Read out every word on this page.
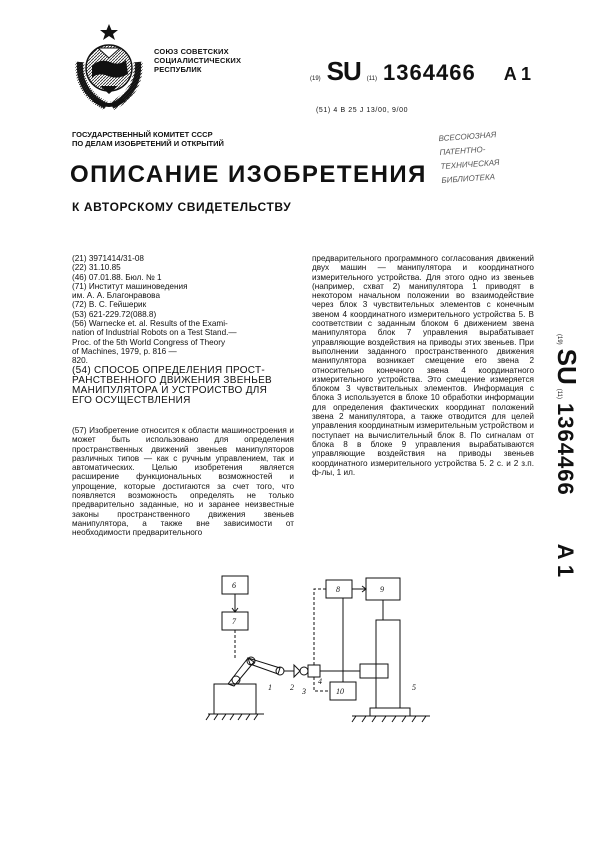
СОЮЗ СОВЕТСКИХ
СОЦИАЛИСТИЧЕСКИХ
РЕСПУБЛИК
(19) SU (11) 1364466 A 1
(51) 4 В 25 J 13/00, 9/00
ГОСУДАРСТВЕННЫЙ КОМИТЕТ СССР
ПО ДЕЛАМ ИЗОБРЕТЕНИЙ И ОТКРЫТИЙ
ВСЕСОЮЗНАЯ
ПАТЕНТНО-
ТЕХНИЧЕСКАЯ
БИБЛИОТЕКА
ОПИСАНИЕ ИЗОБРЕТЕНИЯ
К АВТОРСКОМУ СВИДЕТЕЛЬСТВУ
(21) 3971414/31-08
(22) 31.10.85
(46) 07.01.88. Бюл. № 1
(71) Институт машиноведения
им. А. А. Благонравова
(72) В. С. Гейшерик
(53) 621-229.72(088.8)
(56) Warnecke et. al. Results of the Exami-
nation of Industrial Robots on a Test Stand.—
Proc. of the 5th World Congress of Theory
of Machines, 1979, p. 816 —
820.
(54) СПОСОБ ОПРЕДЕЛЕНИЯ ПРОСТ-
РАНСТВЕННОГО ДВИЖЕНИЯ ЗВЕНЬЕВ
МАНИПУЛЯТОРА И УСТРОЙСТВО ДЛЯ
ЕГО ОСУЩЕСТВЛЕНИЯ
(57) Изобретение относится к области машиностроения и может быть использовано для определения пространственных движений звеньев манипуляторов различных типов — как с ручным управлением, так и автоматических. Целью изобретения является расширение функциональных возможностей и упрощение, которые достигаются за счет того, что появляется возможность определять не только предварительно заданные, но и заранее неизвестные законы пространственного движения звеньев манипулятора, а также вне зависимости от необходимости предварительного
предварительного программного согласования движений двух машин — манипулятора и координатного измерительного устройства. Для этого одно из звеньев (например, схват 2) манипулятора 1 приводят в некотором начальном положении во взаимодействие через блок 3 чувствительных элементов с конечным звеном 4 координатного измерительного устройства 5. В соответствии с заданным блоком 6 движением звена манипулятора блок 7 управления вырабатывает управляющие воздействия на приводы этих звеньев. При выполнении заданного пространственного движения манипулятора возникает смещение его звена 2 относительно конечного звена 4 координатного измерительного устройства. Это смещение измеряется блоком 3 чувствительных элементов. Информация с блока 3 используется в блоке 10 обработки информации для определения фактических координат положений звена 2 манипулятора, а также отводится для целей управления координатным измерительным устройством и поступает на вычислительный блок 8. По сигналам от блока 8 в блоке 9 управления вырабатываются управляющие воздействия на приводы звеньев координатного измерительного устройства 5. 2 с. и 2 з.п. ф-лы, 1 ил.
(19)
SU
(11)
1364466
A 1
6
7
8	9
10
1 2 3
4
5
